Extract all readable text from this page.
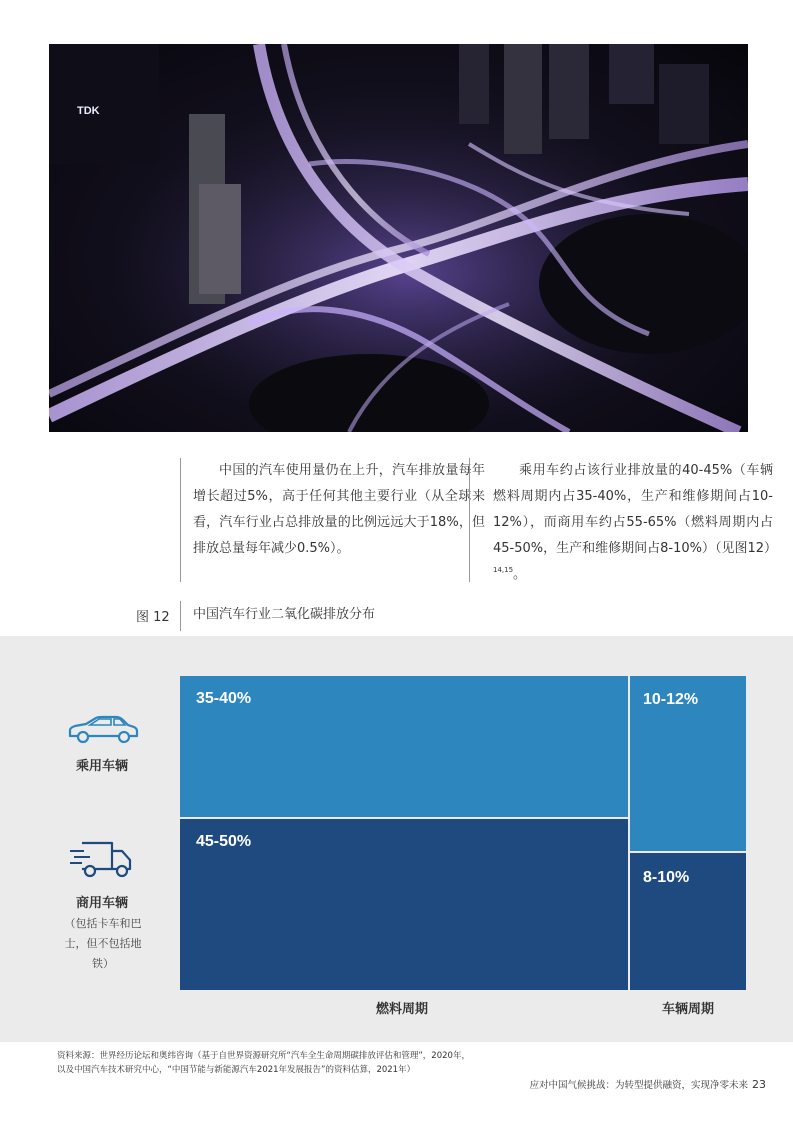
TDK

中国的汽车使用量仍在上升，汽车排放量每年增长超过5%，高于任何其他主要行业（从全球来看，汽车行业占总排放量的比例远远大于18%，但排放总量每年减少0.5%）。

乘用车约占该行业排放量的40-45%（车辆燃料周期内占35-40%，生产和维修期间占10-12%），而商用车约占55-65%（燃料周期内占45-50%，生产和维修期间占8-10%）（见图12）$^{14,15}$。

图 12	中国汽车行业二氧化碳排放分布
35-40%	10-12%
45-50%
8-10%
燃料周期	车辆周期
乘用车辆
商用车辆
（包括卡车和巴士，但不包括地铁）
资料来源：世界经历论坛和奥纬咨询（基于自世界资源研究所“汽车全生命周期碳排放评估和管理”，2020年，
以及中国汽车技术研究中心，“中国节能与新能源汽车2021年发展报告”的资料估算，2021年）
应对中国气候挑战：为转型提供融资，实现净零未来 23
